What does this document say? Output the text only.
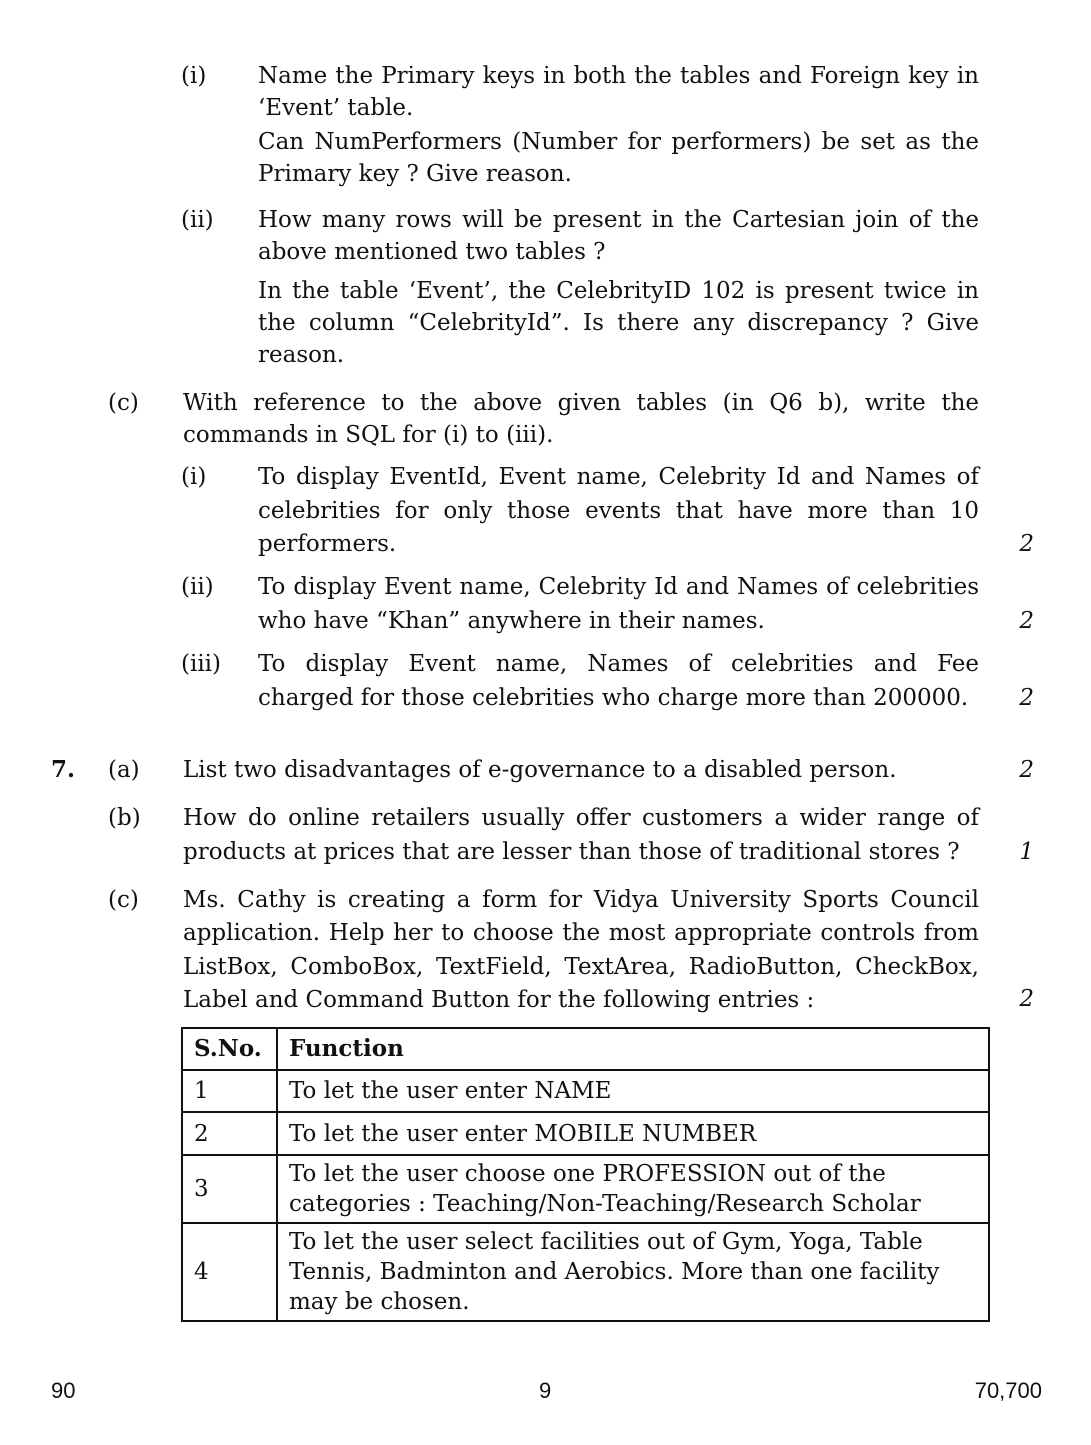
(i) Name the Primary keys in both the tables and Foreign key in ‘Event’ table.
Can NumPerformers (Number for performers) be set as the Primary key ? Give reason.
(ii) How many rows will be present in the Cartesian join of the above mentioned two tables ?
In the table ‘Event’, the CelebrityID 102 is present twice in the column “CelebrityId”. Is there any discrepancy ? Give reason.
(c) With reference to the above given tables (in Q6 b), write the commands in SQL for (i) to (iii).
(i) To display EventId, Event name, Celebrity Id and Names of celebrities for only those events that have more than 10 performers.	2
(ii) To display Event name, Celebrity Id and Names of celebrities who have “Khan” anywhere in their names.	2
(iii) To display Event name, Names of celebrities and Fee charged for those celebrities who charge more than 200000.	2
7. (a) List two disadvantages of e-governance to a disabled person.	2
(b) How do online retailers usually offer customers a wider range of products at prices that are lesser than those of traditional stores ?	1
(c) Ms. Cathy is creating a form for Vidya University Sports Council application. Help her to choose the most appropriate controls from ListBox, ComboBox, TextField, TextArea, RadioButton, CheckBox, Label and Command Button for the following entries :	2
S.No.	Function
1	To let the user enter NAME
2	To let the user enter MOBILE NUMBER
3	To let the user choose one PROFESSION out of the categories : Teaching/Non-Teaching/Research Scholar
4	To let the user select facilities out of Gym, Yoga, Table Tennis, Badminton and Aerobics. More than one facility may be chosen.
90	9	70,700
